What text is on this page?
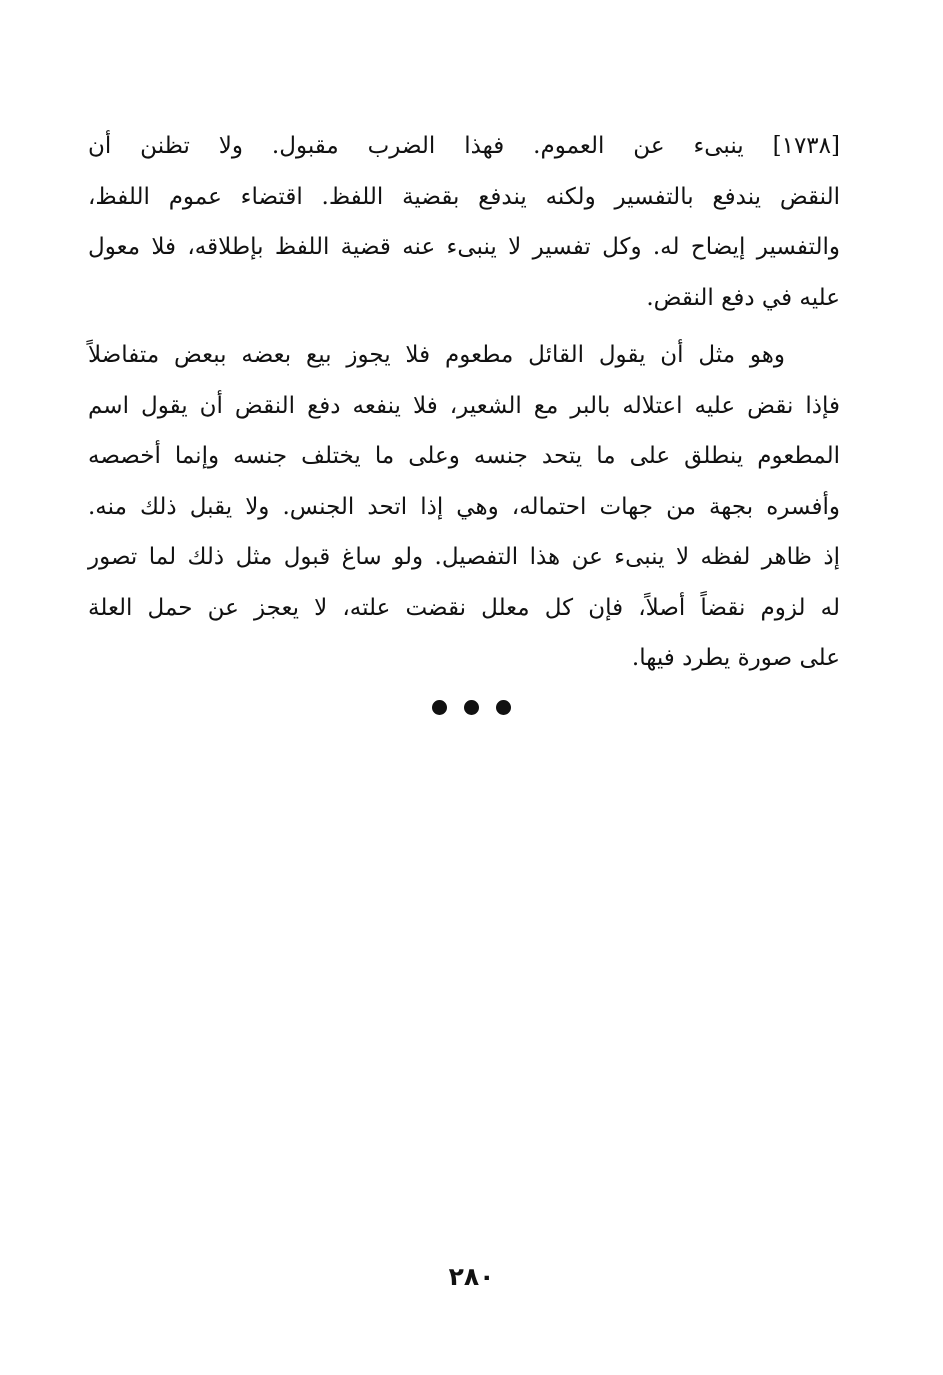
[١٧٣٨] ينبىء عن العموم. فهذا الضرب مقبول. ولا تظنن أن
النقض يندفع بالتفسير ولكنه يندفع بقضية اللفظ. اقتضاء عموم اللفظ،
والتفسير إيضاح له. وكل تفسير لا ينبىء عنه قضية اللفظ بإطلاقه، فلا معول
عليه في دفع النقض.
وهو مثل أن يقول القائل مطعوم فلا يجوز بيع بعضه ببعض متفاضلاً
فإذا نقض عليه اعتلاله بالبر مع الشعير، فلا ينفعه دفع النقض أن يقول اسم
المطعوم ينطلق على ما يتحد جنسه وعلى ما يختلف جنسه وإنما أخصصه
وأفسره بجهة من جهات احتماله، وهي إذا اتحد الجنس. ولا يقبل ذلك منه.
إذ ظاهر لفظه لا ينبىء عن هذا التفصيل. ولو ساغ قبول مثل ذلك لما تصور
له لزوم نقضاً أصلاً، فإن كل معلل نقضت علته، لا يعجز عن حمل العلة
على صورة يطرد فيها.

٢٨٠
